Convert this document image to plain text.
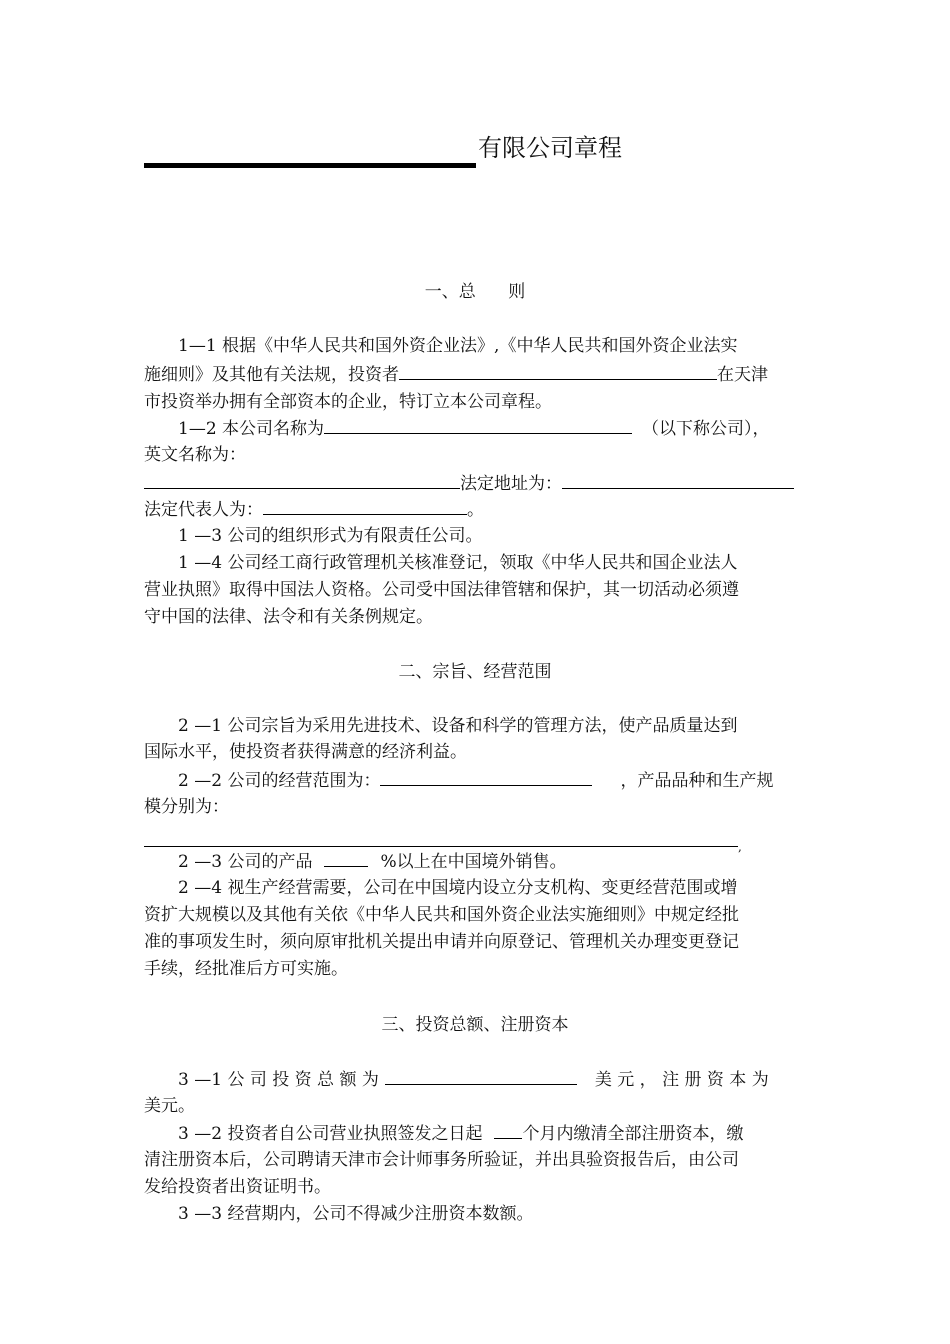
有限公司章程
一、总      则
1—1 根据《中华人民共和国外资企业法》,《中华人民共和国外资企业法实
施细则》及其他有关法规，投资者	在天津
市投资举办拥有全部资本的企业，特订立本公司章程。
1—2 本公司名称为	（以下称公司），
英文名称为：
法定地址为：
法定代表人为：	。
1 —3 公司的组织形式为有限责任公司。
1 —4 公司经工商行政管理机关核准登记，领取《中华人民共和国企业法人
营业执照》取得中国法人资格。公司受中国法律管辖和保护，其一切活动必须遵
守中国的法律、法令和有关条例规定。
二、宗旨、经营范围
2 —1 公司宗旨为采用先进技术、设备和科学的管理方法，使产品质量达到
国际水平，使投资者获得满意的经济利益。
2 —2 公司的经营范围为：	，产品品种和生产规
模分别为：
,
2 —3 公司的产品	%以上在中国境外销售。
2 —4 视生产经营需要，公司在中国境内设立分支机构、变更经营范围或增
资扩大规模以及其他有关依《中华人民共和国外资企业法实施细则》中规定经批
准的事项发生时，须向原审批机关提出申请并向原登记、管理机关办理变更登记
手续，经批准后方可实施。
三、投资总额、注册资本
3 —1 公 司 投 资 总 额 为	美 元 ， 注 册 资 本 为
美元。
3 —2 投资者自公司营业执照签发之日起 个月内缴清全部注册资本，缴
清注册资本后，公司聘请天津市会计师事务所验证，并出具验资报告后，由公司
发给投资者出资证明书。
3 —3 经营期内，公司不得减少注册资本数额。
